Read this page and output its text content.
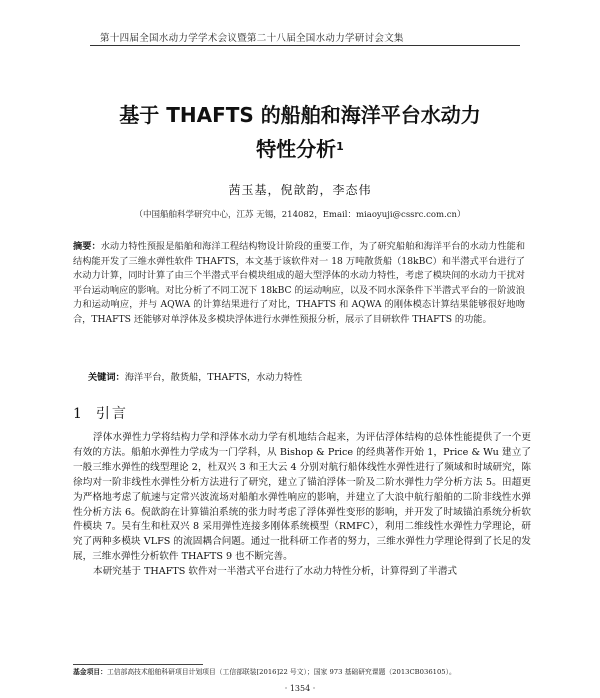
第十四届全国水动力学学术会议暨第二十八届全国水动力学研讨会文集
基于 THAFTS 的船舶和海洋平台水动力
特性分析$^1$
茜玉基，倪歆韵，李态伟
（中国船舶科学研究中心，江苏 无锡，214082，Email：miaoyuji@cssrc.com.cn）
摘要：水动力特性预报是船舶和海洋工程结构物设计阶段的重要工作，为了研究船舶和海洋平台的水动力性能和结构能开发了三维水弹性软件 THAFTS，本文基于该软件对一 18 万吨散货船（18kBC）和半潜式平台进行了水动力计算，同时计算了由三个半潜式平台模块组成的超大型浮体的水动力特性，考虑了模块间的水动力干扰对平台运动响应的影响。对比分析了不同工况下 18kBC 的运动响应，以及不同水深条件下半潜式平台的一阶波浪力和运动响应，并与 AQWA 的计算结果进行了对比，THAFTS 和 AQWA 的刚体模态计算结果能够很好地吻合，THAFTS 还能够对单浮体及多模块浮体进行水弹性预报分析，展示了目研软件 THAFTS 的功能。
关键词：海洋平台，散货船，THAFTS，水动力特性
1 引言

浮体水弹性力学将结构力学和浮体水动力学有机地结合起来，为评估浮体结构的总体性能提供了一个更有效的方法。船舶水弹性力学成为一门学科，从 Bishop & Price 的经典著作开始 1，Price & Wu 建立了一般三维水弹性的线型理论 2，杜双兴 3 和王大云 4 分别对航行船体线性水弹性进行了频域和时域研究，陈徐均对一阶非线性水弹性分析方法进行了研究，建立了锚泊浮体一阶及二阶水弹性力学分析方法 5。田超更为严格地考虑了航速与定常兴波流场对船舶水弹性响应的影响，并建立了大浪中航行船舶的二阶非线性水弹性分析方法 6。倪歆韵在计算锚泊系统的张力时考虑了浮体弹性变形的影响，并开发了时域锚泊系统分析软件模块 7。吴有生和杜双兴 8 采用弹性连接多刚体系统模型（RMFC），利用二维线性水弹性力学理论，研究了两种多模块 VLFS 的流固耦合问题。通过一批科研工作者的努力，三维水弹性力学理论得到了长足的发展，三维水弹性分析软件 THAFTS 9 也不断完善。

本研究基于 THAFTS 软件对一半潜式平台进行了水动力特性分析，计算得到了半潜式

基金项目：工信部高技术船舶科研项目计划项目（工信部联装[2016]22 号文）；国家 973 基础研究课题（2013CB036105）。
· 1354 ·
